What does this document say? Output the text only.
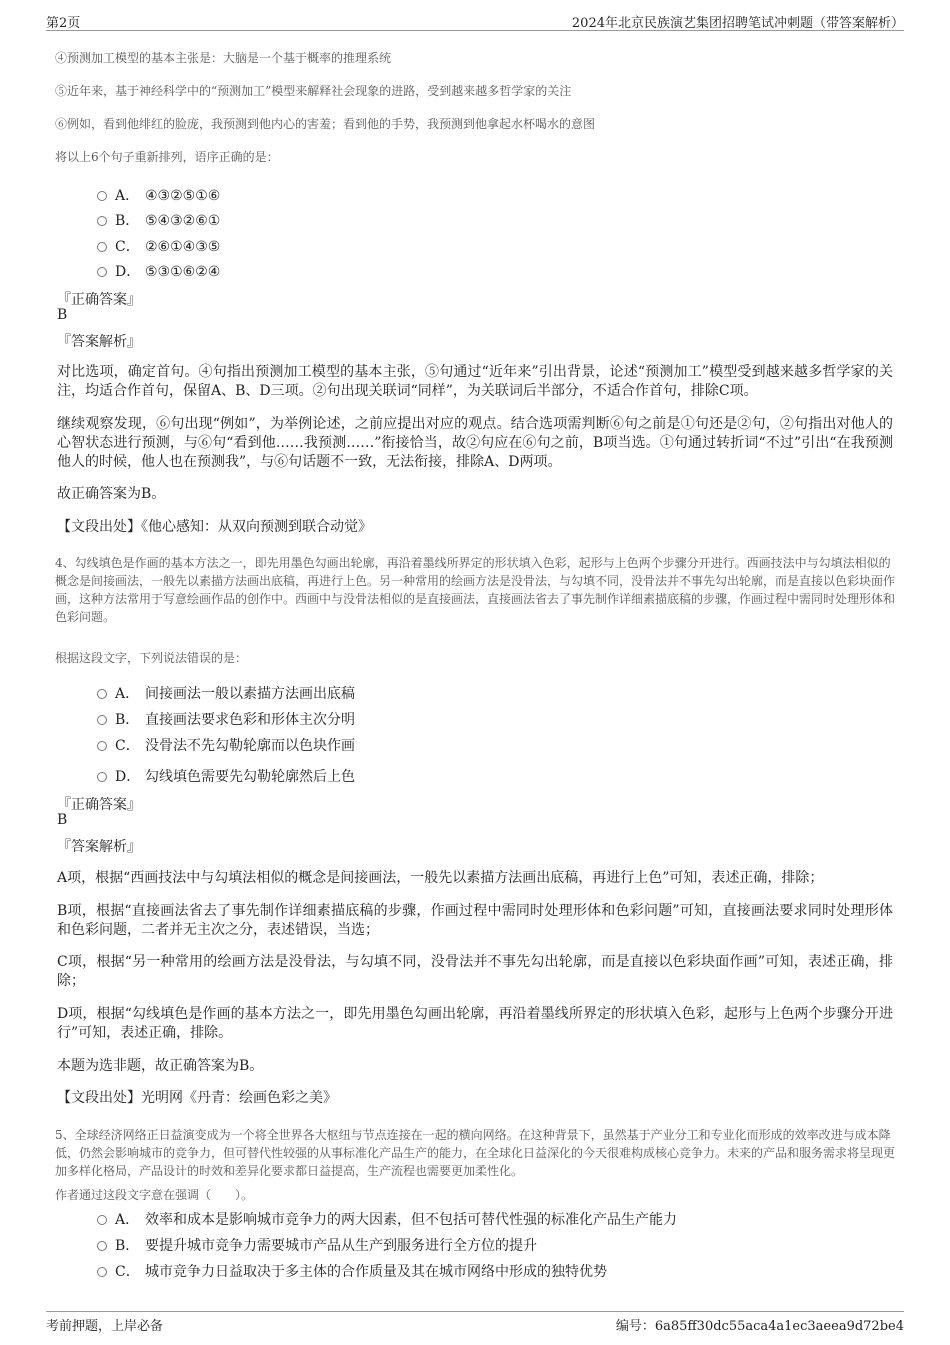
第2页	2024年北京民族演艺集团招聘笔试冲刺题（带答案解析）
④预测加工模型的基本主张是：大脑是一个基于概率的推理系统
⑤近年来，基于神经科学中的“预测加工”模型来解释社会现象的进路，受到越来越多哲学家的关注
⑥例如，看到他绯红的脸庞，我预测到他内心的害羞；看到他的手势，我预测到他拿起水杯喝水的意图
将以上6个句子重新排列，语序正确的是：
A． ④③②⑤①⑥
B． ⑤④③②⑥①
C． ②⑥①④③⑤
D． ⑤③①⑥②④
『正确答案』
B
『答案解析』
对比选项，确定首句。④句指出预测加工模型的基本主张，⑤句通过“近年来”引出背景，论述“预测加工”模型受到越来越多哲学家的关注，均适合作首句，保留A、B、D三项。②句出现关联词“同样”，为关联词后半部分，不适合作首句，排除C项。
继续观察发现，⑥句出现“例如”，为举例论述，之前应提出对应的观点。结合选项需判断⑥句之前是①句还是②句，②句指出对他人的心智状态进行预测，与⑥句“看到他……我预测……”衔接恰当，故②句应在⑥句之前，B项当选。①句通过转折词“不过”引出“在我预测他人的时候，他人也在预测我”，与⑥句话题不一致，无法衔接，排除A、D两项。
故正确答案为B。
【文段出处】《他心感知：从双向预测到联合动觉》
4、勾线填色是作画的基本方法之一，即先用墨色勾画出轮廓，再沿着墨线所界定的形状填入色彩，起形与上色两个步骤分开进行。西画技法中与勾填法相似的概念是间接画法，一般先以素描方法画出底稿，再进行上色。另一种常用的绘画方法是没骨法，与勾填不同，没骨法并不事先勾出轮廓，而是直接以色彩块面作画，这种方法常用于写意绘画作品的创作中。西画中与没骨法相似的是直接画法，直接画法省去了事先制作详细素描底稿的步骤，作画过程中需同时处理形体和色彩问题。
根据这段文字，下列说法错误的是：
A． 间接画法一般以素描方法画出底稿
B． 直接画法要求色彩和形体主次分明
C． 没骨法不先勾勒轮廓而以色块作画
D． 勾线填色需要先勾勒轮廓然后上色
『正确答案』
B
『答案解析』
A项，根据“西画技法中与勾填法相似的概念是间接画法，一般先以素描方法画出底稿，再进行上色”可知，表述正确，排除；
B项，根据“直接画法省去了事先制作详细素描底稿的步骤，作画过程中需同时处理形体和色彩问题”可知，直接画法要求同时处理形体和色彩问题，二者并无主次之分，表述错误，当选；
C项，根据“另一种常用的绘画方法是没骨法，与勾填不同，没骨法并不事先勾出轮廓，而是直接以色彩块面作画”可知，表述正确，排除；
D项，根据“勾线填色是作画的基本方法之一，即先用墨色勾画出轮廓，再沿着墨线所界定的形状填入色彩，起形与上色两个步骤分开进行”可知，表述正确，排除。
本题为选非题，故正确答案为B。
【文段出处】光明网《丹青：绘画色彩之美》
5、全球经济网络正日益演变成为一个将全世界各大枢纽与节点连接在一起的横向网络。在这种背景下，虽然基于产业分工和专业化而形成的效率改进与成本降低，仍然会影响城市的竞争力，但可替代性较强的从事标准化产品生产的能力，在全球化日益深化的今天很难构成核心竞争力。未来的产品和服务需求将呈现更加多样化格局，产品设计的时效和差异化要求都日益提高，生产流程也需要更加柔性化。
作者通过这段文字意在强调（　　）。
A． 效率和成本是影响城市竞争力的两大因素，但不包括可替代性强的标准化产品生产能力
B． 要提升城市竞争力需要城市产品从生产到服务进行全方位的提升
C． 城市竞争力日益取决于多主体的合作质量及其在城市网络中形成的独特优势
考前押题，上岸必备	编号：6a85ff30dc55aca4a1ec3aeea9d72be4
